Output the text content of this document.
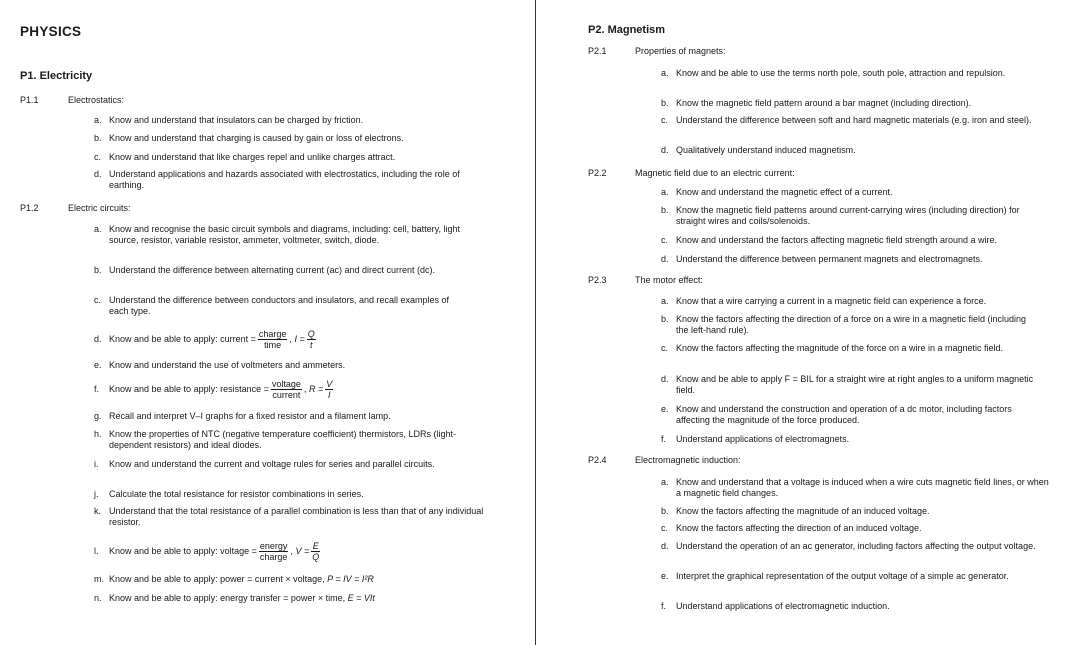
PHYSICS
P1. Electricity
P1.1	Electrostatics:
a. Know and understand that insulators can be charged by friction.
b. Know and understand that charging is caused by gain or loss of electrons.
c. Know and understand that like charges repel and unlike charges attract.
d. Understand applications and hazards associated with electrostatics, including the role of earthing.
P1.2	Electric circuits:
a. Know and recognise the basic circuit symbols and diagrams, including: cell, battery, light source, resistor, variable resistor, ammeter, voltmeter, switch, diode.
b. Understand the difference between alternating current (ac) and direct current (dc).
c. Understand the difference between conductors and insulators, and recall examples of each type.
d. Know and be able to apply: current = $\frac{\text{charge}}{\text{time}}$ , $I = \frac{Q}{t}$
e. Know and understand the use of voltmeters and ammeters.
f.	Know and be able to apply: resistance = $\frac{\text{voltage}}{\text{current}}$ , $R = \frac{V}{I}$
g. Recall and interpret V–I graphs for a fixed resistor and a filament lamp.
h. Know the properties of NTC (negative temperature coefficient) thermistors, LDRs (light-dependent resistors) and ideal diodes.
i.	Know and understand the current and voltage rules for series and parallel circuits.
j.	Calculate the total resistance for resistor combinations in series.
k. Understand that the total resistance of a parallel combination is less than that of any individual resistor.
l.	Know and be able to apply: voltage = $\frac{\text{energy}}{\text{charge}}$ , $V = \frac{E}{Q}$
m. Know and be able to apply: power = current × voltage, P = IV = I²R
n. Know and be able to apply: energy transfer = power × time, E = VIt
P2. Magnetism
P2.1	Properties of magnets:
a. Know and be able to use the terms north pole, south pole, attraction and repulsion.
b. Know the magnetic field pattern around a bar magnet (including direction).
c. Understand the difference between soft and hard magnetic materials (e.g. iron and steel).
d. Qualitatively understand induced magnetism.
P2.2	Magnetic field due to an electric current:
a. Know and understand the magnetic effect of a current.
b. Know the magnetic field patterns around current-carrying wires (including direction) for straight wires and coils/solenoids.
c. Know and understand the factors affecting magnetic field strength around a wire.
d. Understand the difference between permanent magnets and electromagnets.
P2.3	The motor effect:
a. Know that a wire carrying a current in a magnetic field can experience a force.
b. Know the factors affecting the direction of a force on a wire in a magnetic field (including the left-hand rule).
c. Know the factors affecting the magnitude of the force on a wire in a magnetic field.
d. Know and be able to apply F = BIL for a straight wire at right angles to a uniform magnetic field.
e. Know and understand the construction and operation of a dc motor, including factors affecting the magnitude of the force produced.
f.	Understand applications of electromagnets.
P2.4	Electromagnetic induction:
a. Know and understand that a voltage is induced when a wire cuts magnetic field lines, or when a magnetic field changes.
b. Know the factors affecting the magnitude of an induced voltage.
c. Know the factors affecting the direction of an induced voltage.
d. Understand the operation of an ac generator, including factors affecting the output voltage.
e. Interpret the graphical representation of the output voltage of a simple ac generator.
f.	Understand applications of electromagnetic induction.
